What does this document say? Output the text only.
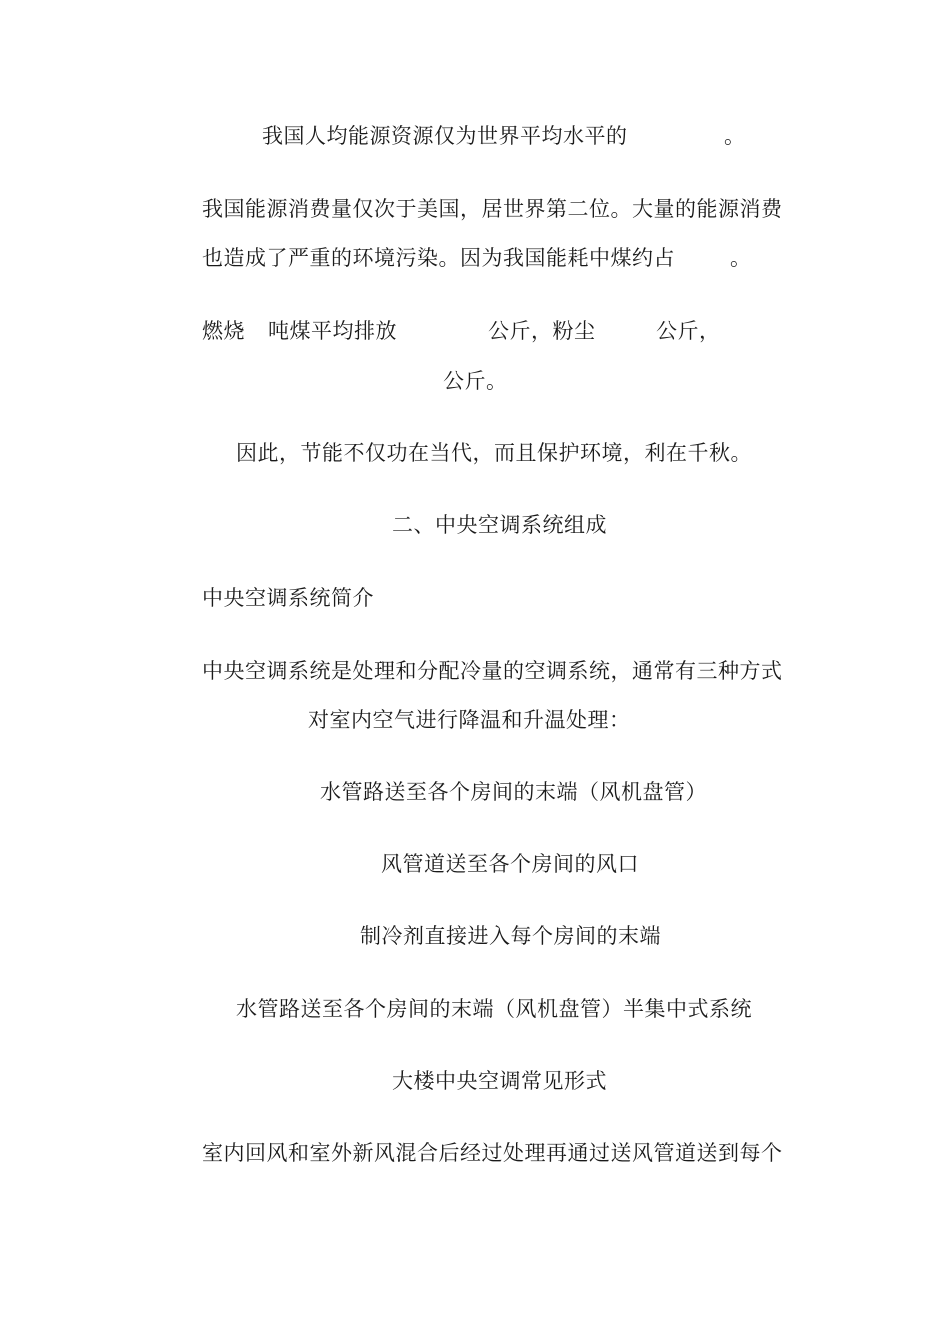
我国人均能源资源仅为世界平均水平的	。
我国能源消费量仅次于美国，居世界第二位。大量的能源消费
也造成了严重的环境污染。因为我国能耗中煤约占	。
燃烧 吨煤平均排放	公斤，粉尘	公斤，
公斤。
因此，节能不仅功在当代，而且保护环境，利在千秋。
二、中央空调系统组成
中央空调系统简介
中央空调系统是处理和分配冷量的空调系统，通常有三种方式
对室内空气进行降温和升温处理：
水管路送至各个房间的末端（风机盘管）
风管道送至各个房间的风口
制冷剂直接进入每个房间的末端
水管路送至各个房间的末端（风机盘管）半集中式系统
大楼中央空调常见形式
室内回风和室外新风混合后经过处理再通过送风管道送到每个
